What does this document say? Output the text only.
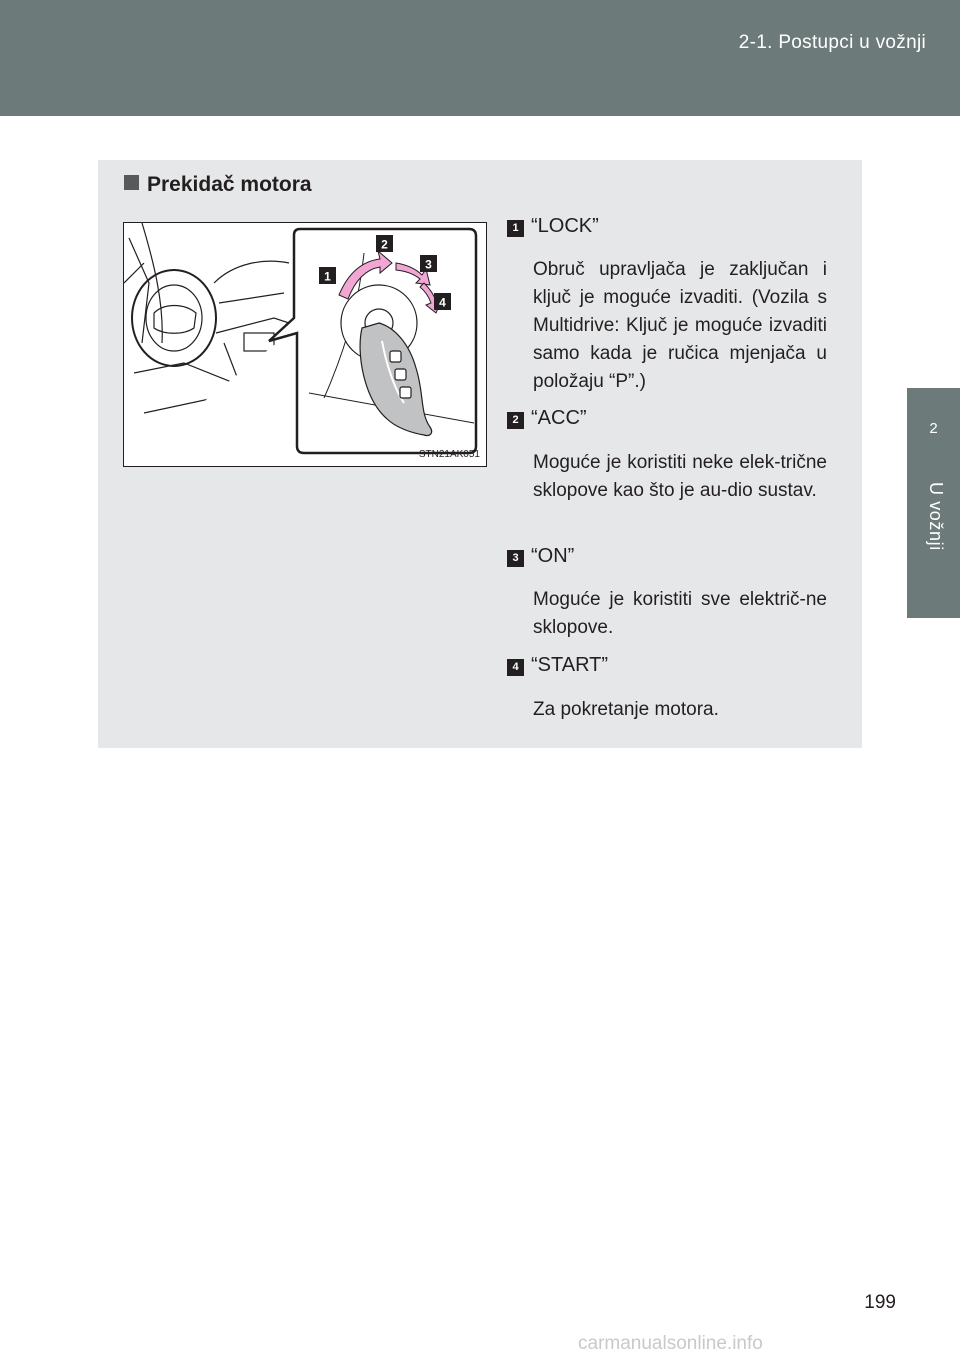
2-1. Postupci u vožnji
2
U vožnji
Prekidač motora
1
2
3
4
STN21AK051
1 “LOCK”
Obruč upravljača je zaključan i ključ je moguće izvaditi. (Vozila s Multidrive: Ključ je moguće izvaditi samo kada je ručica mjenjača u položaju “P”.)
2 “ACC”
Moguće je koristiti neke elek-trične sklopove kao što je au-dio sustav.
3 “ON”
Moguće je koristiti sve električ-ne sklopove.
4 “START”
Za pokretanje motora.
199
carmanualsonline.info
